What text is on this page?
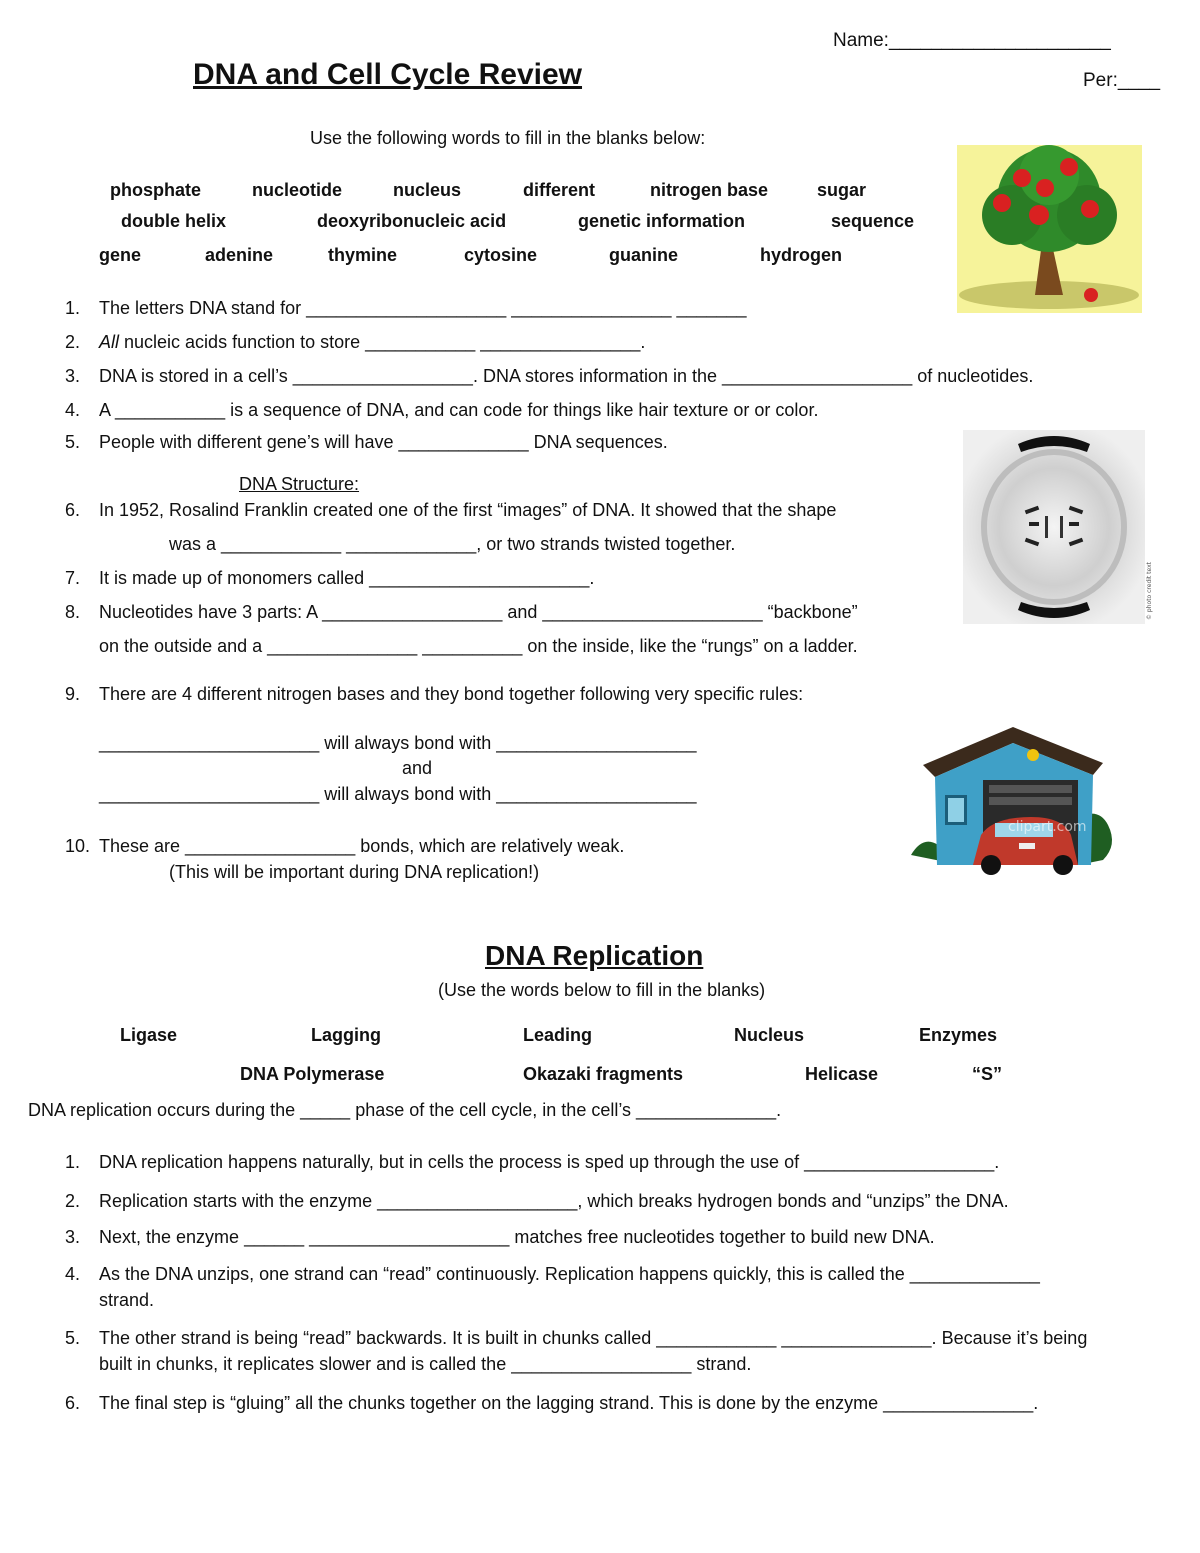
Name:_____________________
Per:____
DNA and Cell Cycle Review
Use the following words to fill in the blanks below:
phosphate	nucleotide	nucleus	different	nitrogen base	sugar
double helix	deoxyribonucleic acid	genetic information	sequence
gene	adenine	thymine	cytosine	guanine	hydrogen
1. The letters DNA stand for ____________________ ________________ _______
2. All nucleic acids function to store ___________ ________________.
3. DNA is stored in a cell’s __________________. DNA stores information in the ___________________ of nucleotides.
4. A ___________ is a sequence of DNA, and can code for things like hair texture or or color.
5. People with different gene’s will have _____________ DNA sequences.
© photo credit text
DNA Structure:
6. In 1952, Rosalind Franklin created one of the first “images” of DNA. It showed that the shape
was a ____________ _____________, or two strands twisted together.
7. It is made up of monomers called ______________________.
8. Nucleotides have 3 parts: A __________________ and ______________________ “backbone”
on the outside and a _______________ __________ on the inside, like the “rungs” on a ladder.
9. There are 4 different nitrogen bases and they bond together following very specific rules:
______________________ will always bond with ____________________
and
______________________ will always bond with ____________________
clipart.com
10. These are _________________ bonds, which are relatively weak.
(This will be important during DNA replication!)
DNA Replication
(Use the words below to fill in the blanks)
Ligase	Lagging	Leading	Nucleus	Enzymes
DNA Polymerase	Okazaki fragments	Helicase	“S”
DNA replication occurs during the _____ phase of the cell cycle, in the cell’s ______________.
1. DNA replication happens naturally, but in cells the process is sped up through the use of ___________________.
2. Replication starts with the enzyme ____________________, which breaks hydrogen bonds and “unzips” the DNA.
3. Next, the enzyme ______ ____________________ matches free nucleotides together to build new DNA.
4. As the DNA unzips, one strand can “read” continuously. Replication happens quickly, this is called the _____________
strand.
5. The other strand is being “read” backwards. It is built in chunks called ____________ _______________. Because it’s being
built in chunks, it replicates slower and is called the __________________ strand.
6. The final step is “gluing” all the chunks together on the lagging strand. This is done by the enzyme _______________.
